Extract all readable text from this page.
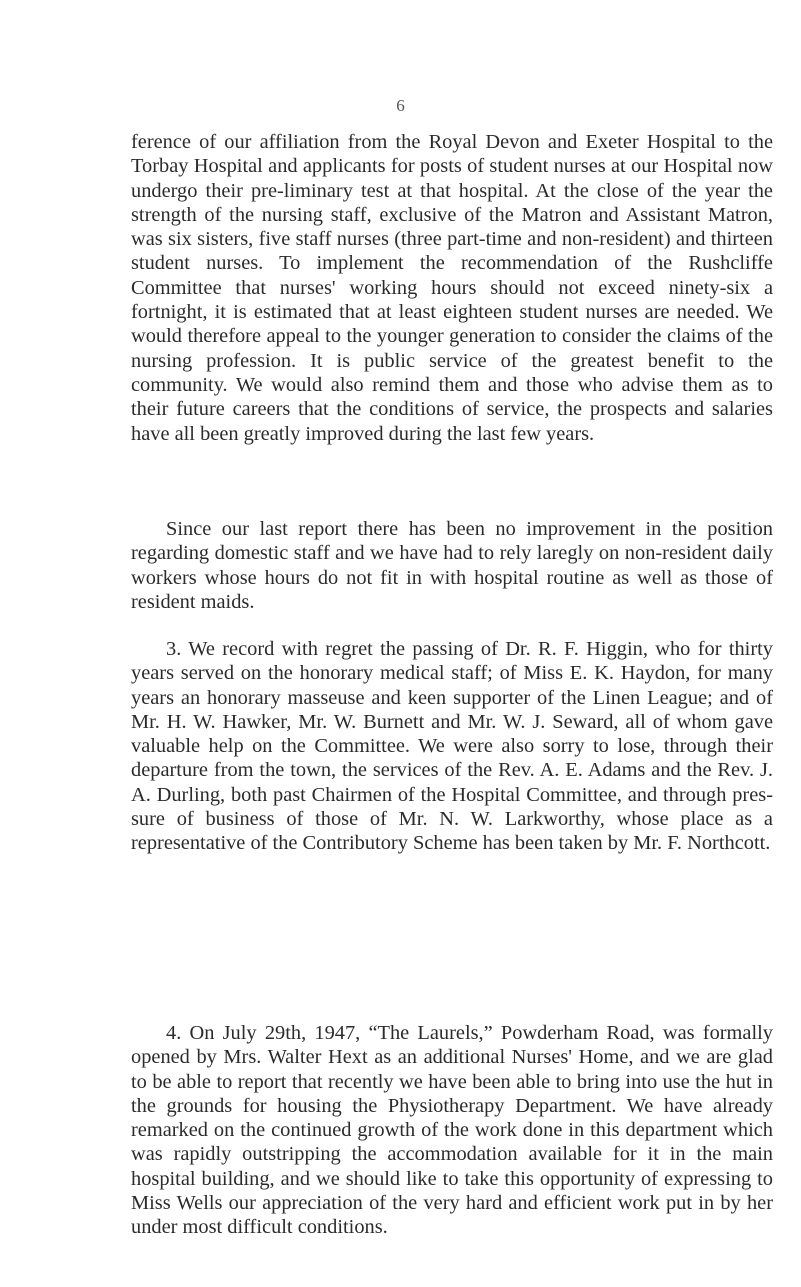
6

ference of our affiliation from the Royal Devon and Exeter Hospital to the Torbay Hospital and applicants for posts of student nurses at our Hospital now undergo their pre-liminary test at that hospital. At the close of the year the strength of the nursing staff, exclusive of the Matron and Assistant Matron, was six sisters, five staff nurses (three part-time and non-resident) and thirteen student nurses. To implement the recommendation of the Rushcliffe Committee that nurses' working hours should not exceed ninety-six a fortnight, it is estimated that at least eighteen student nurses are needed. We would therefore appeal to the younger generation to consider the claims of the nursing profession. It is public service of the greatest benefit to the community. We would also remind them and those who advise them as to their future careers that the conditions of service, the prospects and salaries have all been greatly improved during the last few years.

Since our last report there has been no improvement in the position regarding domestic staff and we have had to rely laregly on non-resident daily workers whose hours do not fit in with hospital routine as well as those of resident maids.

3. We record with regret the passing of Dr. R. F. Higgin, who for thirty years served on the honorary medical staff; of Miss E. K. Haydon, for many years an honorary masseuse and keen supporter of the Linen League; and of Mr. H. W. Hawker, Mr. W. Burnett and Mr. W. J. Seward, all of whom gave valuable help on the Committee. We were also sorry to lose, through their departure from the town, the services of the Rev. A. E. Adams and the Rev. J. A. Durling, both past Chairmen of the Hospital Committee, and through pres-sure of business of those of Mr. N. W. Larkworthy, whose place as a representative of the Contributory Scheme has been taken by Mr. F. Northcott.

4. On July 29th, 1947, “The Laurels,” Powderham Road, was formally opened by Mrs. Walter Hext as an additional Nurses' Home, and we are glad to be able to report that recently we have been able to bring into use the hut in the grounds for housing the Physiotherapy Department. We have already remarked on the continued growth of the work done in this department which was rapidly outstripping the accommodation available for it in the main hospital building, and we should like to take this opportunity of expressing to Miss Wells our appreciation of the very hard and efficient work put in by her under most difficult conditions.
